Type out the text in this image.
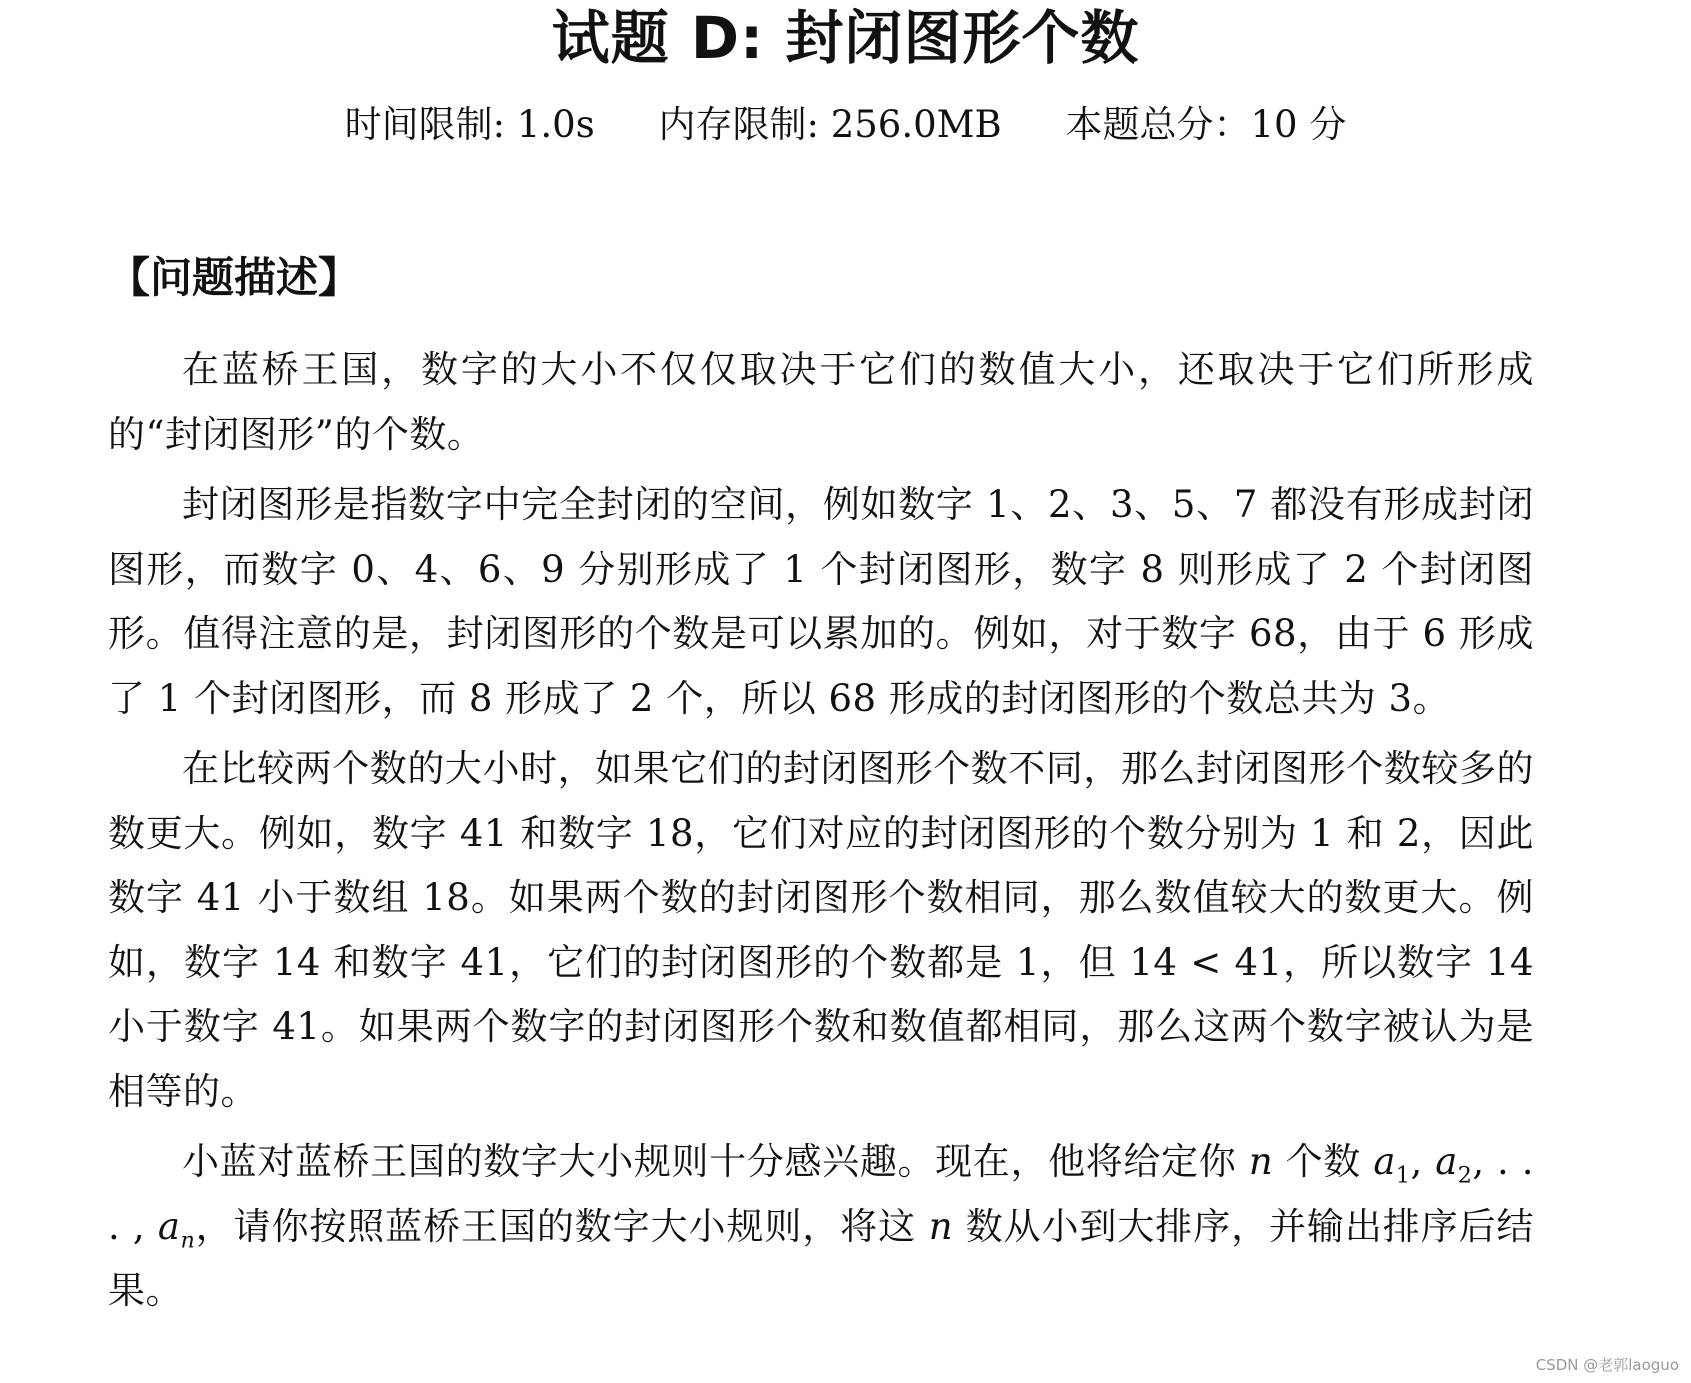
试题 D: 封闭图形个数
时间限制: 1.0s 内存限制: 256.0MB 本题总分：10 分
【问题描述】

在蓝桥王国，数字的大小不仅仅取决于它们的数值大小，还取决于它们所形成的“封闭图形”的个数。

封闭图形是指数字中完全封闭的空间，例如数字 1、2、3、5、7 都没有形成封闭图形，而数字 0、4、6、9 分别形成了 1 个封闭图形，数字 8 则形成了 2 个封闭图形。值得注意的是，封闭图形的个数是可以累加的。例如，对于数字 68，由于 6 形成了 1 个封闭图形，而 8 形成了 2 个，所以 68 形成的封闭图形的个数总共为 3。

在比较两个数的大小时，如果它们的封闭图形个数不同，那么封闭图形个数较多的数更大。例如，数字 41 和数字 18，它们对应的封闭图形的个数分别为 1 和 2，因此数字 41 小于数组 18。如果两个数的封闭图形个数相同，那么数值较大的数更大。例如，数字 14 和数字 41，它们的封闭图形的个数都是 1，但 14 < 41，所以数字 14 小于数字 41。如果两个数字的封闭图形个数和数值都相同，那么这两个数字被认为是相等的。

小蓝对蓝桥王国的数字大小规则十分感兴趣。现在，他将给定你 n 个数 $a_1$, $a_2$, . . . , $a_n$，请你按照蓝桥王国的数字大小规则，将这 n 数从小到大排序，并输出排序后结果。

CSDN @老郭laoguo
